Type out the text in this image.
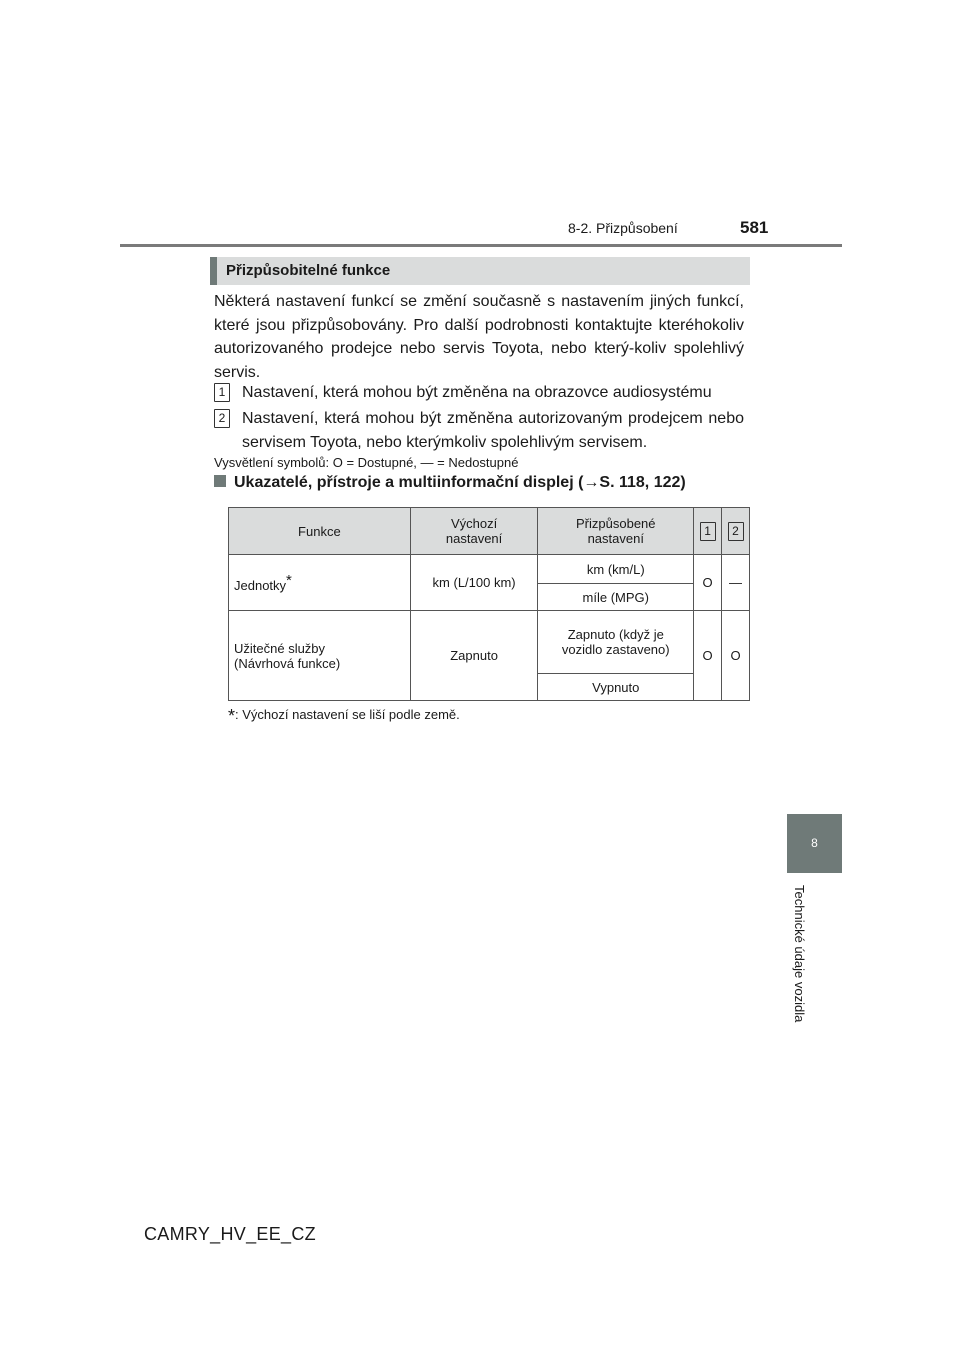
8-2. Přizpůsobení	581
Přizpůsobitelné funkce
Některá nastavení funkcí se změní současně s nastavením jiných funkcí, které jsou přizpůsobovány. Pro další podrobnosti kontaktujte kteréhokoliv autorizovaného prodejce nebo servis Toyota, nebo který-koliv spolehlivý servis.
1 Nastavení, která mohou být změněna na obrazovce audiosystému
2 Nastavení, která mohou být změněna autorizovaným prodejcem nebo servisem Toyota, nebo kterýmkoliv spolehlivým servisem.
Vysvětlení symbolů: O = Dostupné, — = Nedostupné
Ukazatelé, přístroje a multiinformační displej (→S. 118, 122)
Funkce	Výchozí nastavení	Přizpůsobené nastavení	1	2
Jednotky*	km (L/100 km)	km (km/L)	O	—
		míle (MPG)		

Užitečné služby (Návrhová funkce)	Zapnuto	Zapnuto (když je vozidlo zastaveno)	O	O
		Vypnuto		
*: Výchozí nastavení se liší podle země.
8
Technické údaje vozidla
CAMRY_HV_EE_CZ
